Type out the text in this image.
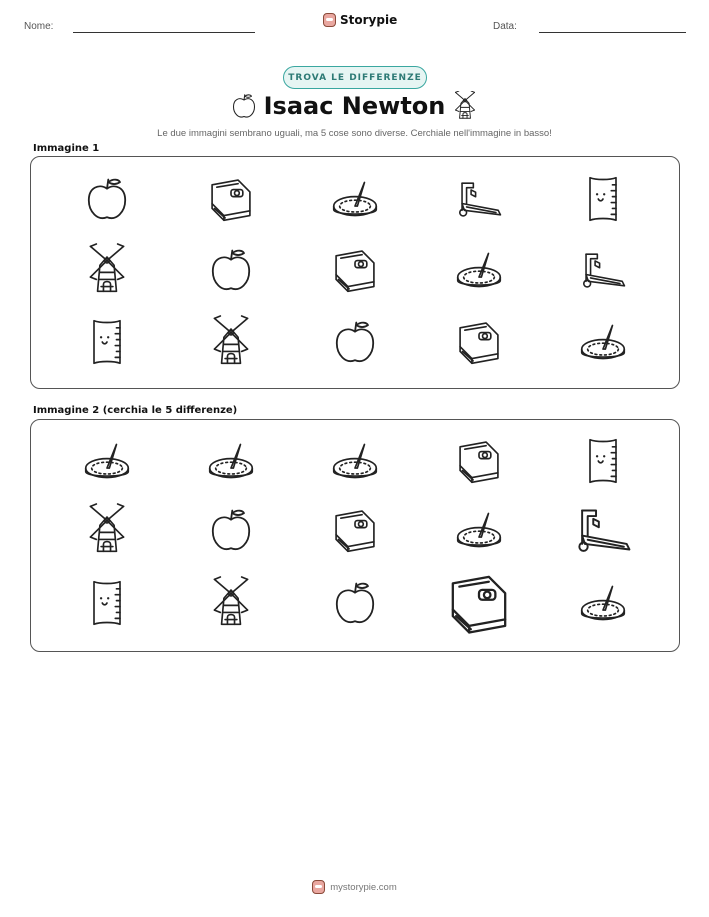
Nome:	Storypie	Data:
TROVA LE DIFFERENZE
Isaac Newton
Le due immagini sembrano uguali, ma 5 cose sono diverse. Cerchiale nell'immagine in basso!
Immagine 1
Immagine 2 (cerchia le 5 differenze)
mystorypie.com
